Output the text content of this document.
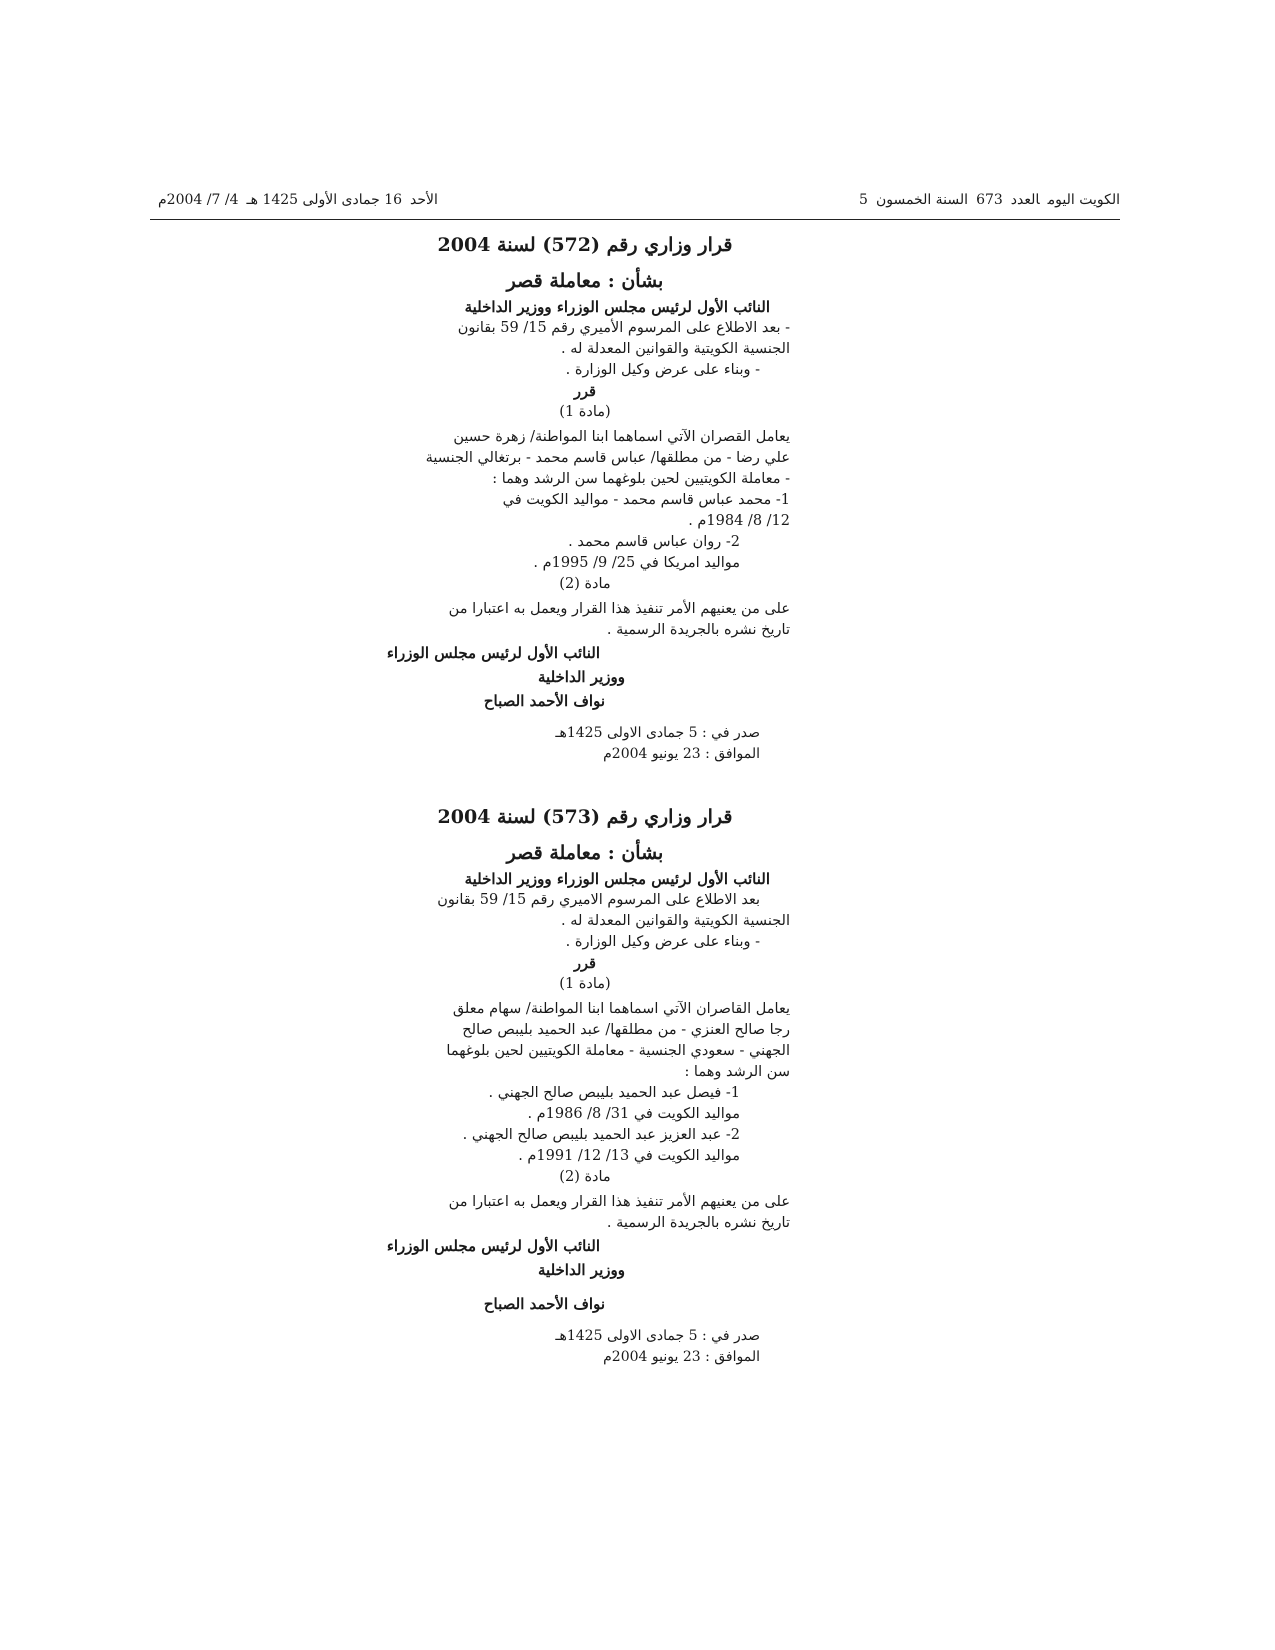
الكويت اليومالعدد673السنة الخمسون5
الأحد16 جمادى الأولى 1425 هـ4/ 7/ 2004م

قرار وزاري رقم (572) لسنة 2004

بشأن : معاملة قصر

النائب الأول لرئيس مجلس الوزراء ووزير الداخلية

- بعد الاطلاع على المرسوم الأميري رقم 15/ 59 بقانون

الجنسية الكويتية والقوانين المعدلة له .

- وبناء على عرض وكيل الوزارة .

قرر

(مادة 1)

يعامل القصران الآتي اسماهما ابنا المواطنة/ زهرة حسين

علي رضا - من مطلقها/ عباس قاسم محمد - برتغالي الجنسية

- معاملة الكويتيين لحين بلوغهما سن الرشد وهما :

1- محمد عباس قاسم محمد - مواليد الكويت في

12/ 8/ 1984م .

2- روان عباس قاسم محمد .

مواليد امريكا في 25/ 9/ 1995م .

مادة (2)

على من يعنيهم الأمر تنفيذ هذا القرار ويعمل به اعتبارا من

تاريخ نشره بالجريدة الرسمية .

النائب الأول لرئيس مجلس الوزراء

ووزير الداخلية

نواف الأحمد الصباح

صدر في : 5 جمادى الاولى 1425هـ

الموافق : 23 يونيو 2004م

قرار وزاري رقم (573) لسنة 2004

بشأن : معاملة قصر

النائب الأول لرئيس مجلس الوزراء ووزير الداخلية

بعد الاطلاع على المرسوم الاميري رقم 15/ 59 بقانون

الجنسية الكويتية والقوانين المعدلة له .

- وبناء على عرض وكيل الوزارة .

قرر

(مادة 1)

يعامل القاصران الآتي اسماهما ابنا المواطنة/ سهام معلق

رجا صالح العنزي - من مطلقها/ عبد الحميد بليبص صالح

الجهني - سعودي الجنسية - معاملة الكويتيين لحين بلوغهما

سن الرشد وهما :

1- فيصل عبد الحميد بليبص صالح الجهني .

مواليد الكويت في 31/ 8/ 1986م .

2- عبد العزيز عبد الحميد بليبص صالح الجهني .

مواليد الكويت في 13/ 12/ 1991م .

مادة (2)

على من يعنيهم الأمر تنفيذ هذا القرار ويعمل به اعتبارا من

تاريخ نشره بالجريدة الرسمية .

النائب الأول لرئيس مجلس الوزراء

ووزير الداخلية

نواف الأحمد الصباح

صدر في : 5 جمادى الاولى 1425هـ

الموافق : 23 يونيو 2004م
